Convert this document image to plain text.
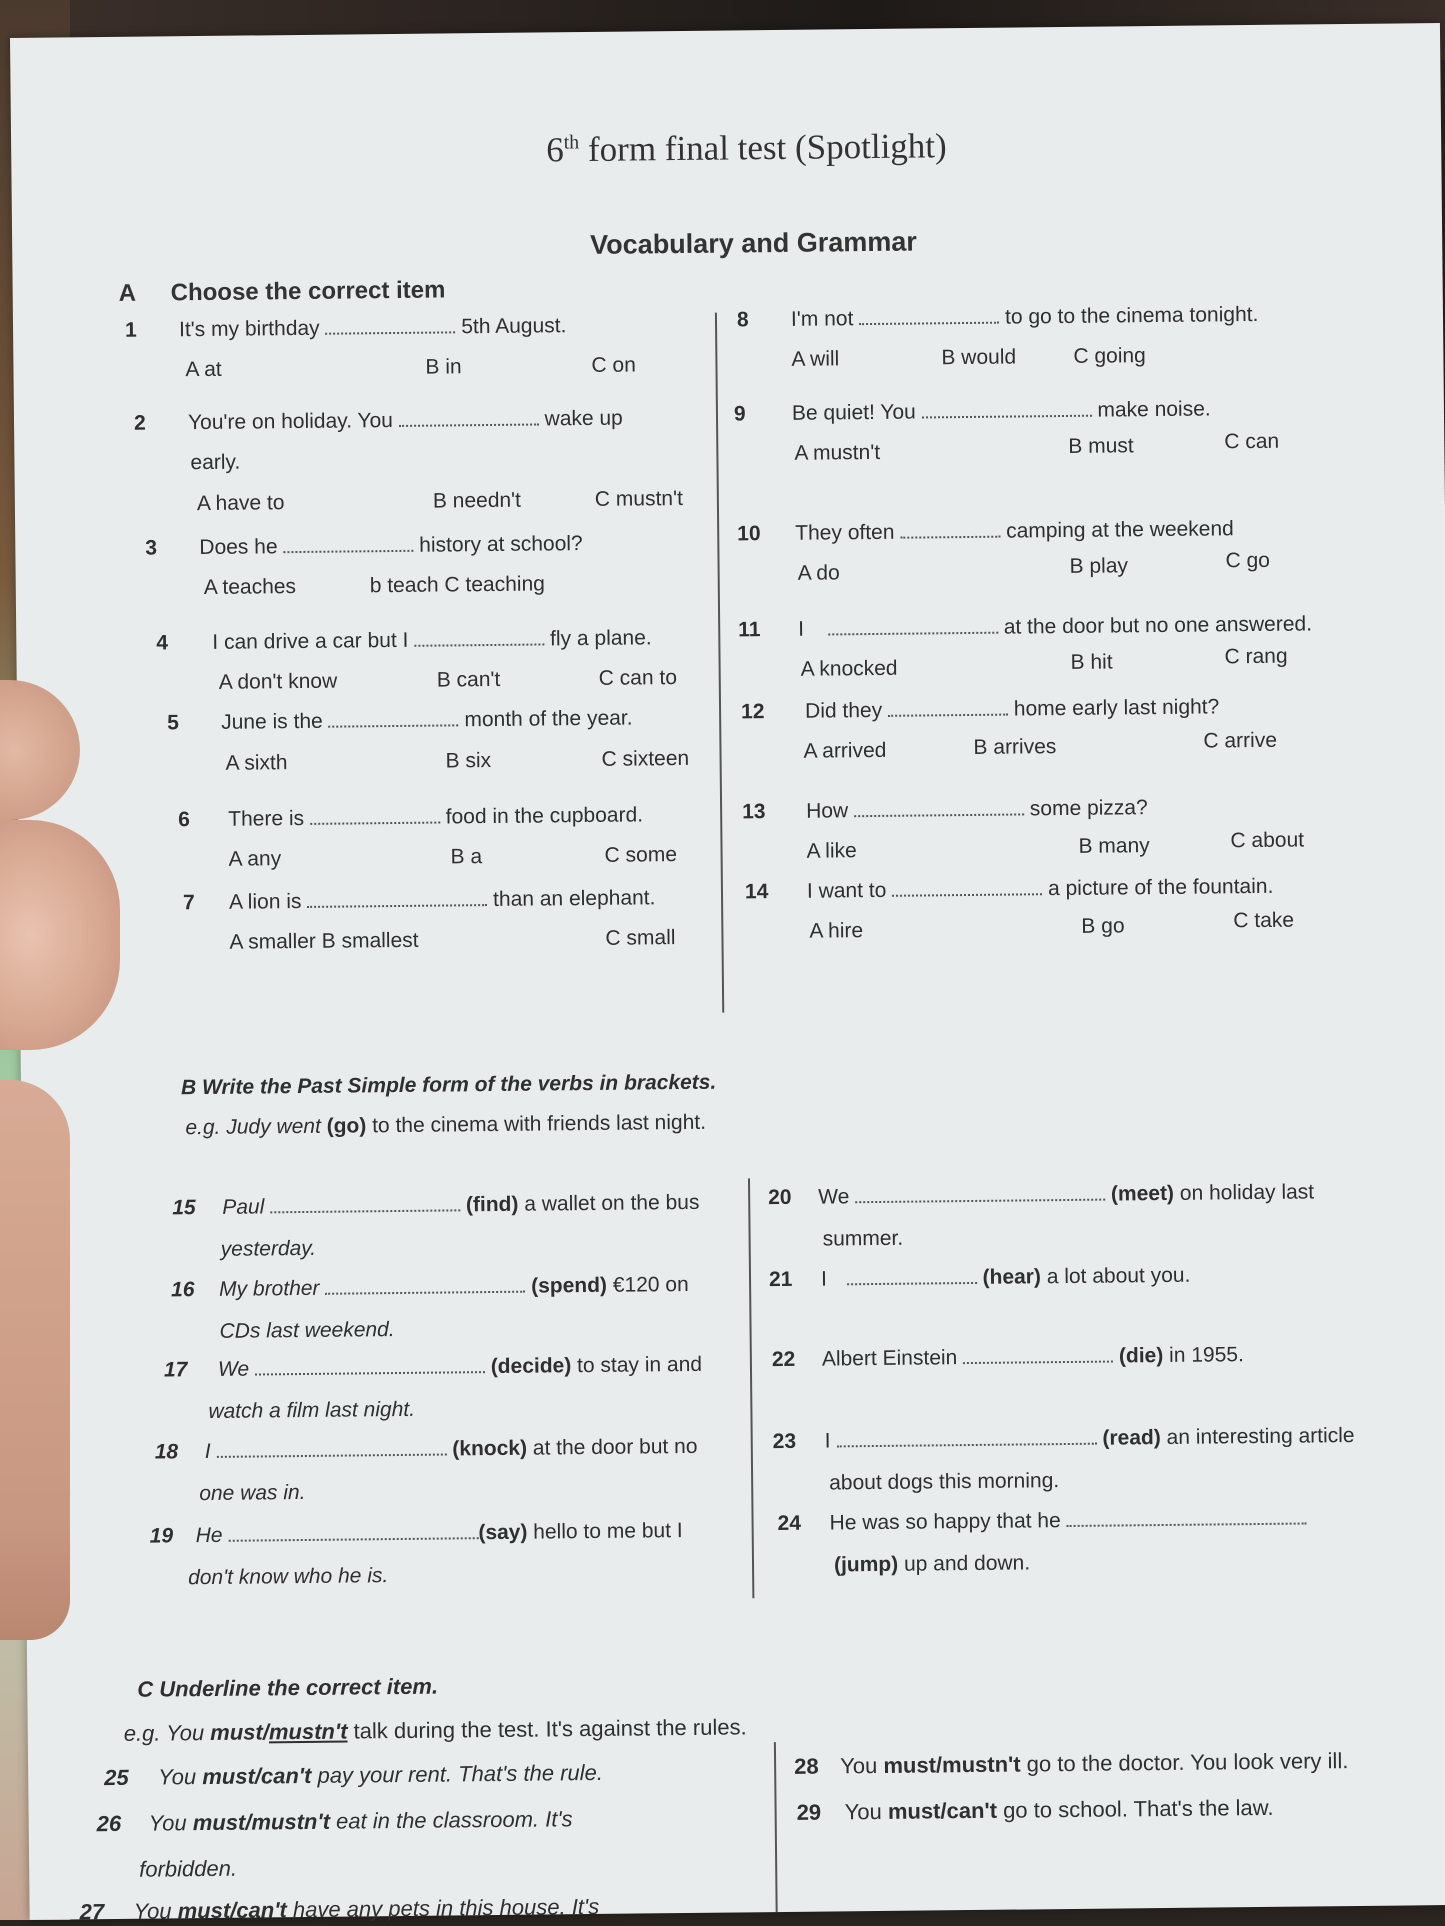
6th form final test (Spotlight)
Vocabulary and Grammar
A Choose the correct item
1 It's my birthday	5th August.
A at	B in	C on
2 You're on holiday. You	wake up
early.
A have to	B needn't	C mustn't
3 Does he	history at school?
A teaches	b teach C teaching
4 I can drive a car but I	fly a plane.
A don't know	B can't	C can to
5 June is the	month of the year.
A sixth	B six	C sixteen
6 There is	food in the cupboard.
A any	B a	C some
7 A lion is	than an elephant.
A smaller B smallest	C small
8 I'm not	to go to the cinema tonight.
A will	B would	C going
9 Be quiet! You	make noise.
A mustn't	B must	C can
10 They often	camping at the weekend
A do	B play	C go
11 I	at the door but no one answered.
A knocked	B hit	C rang
12 Did they	home early last night?
A arrived	B arrives	C arrive
13 How	some pizza?
A like	B many	C about
14 I want to	a picture of the fountain.
A hire	B go	C take
B Write the Past Simple form of the verbs in brackets.
e.g. Judy went (go) to the cinema with friends last night.
15 Paul	(find) a wallet on the bus
yesterday.
16 My brother	(spend) €120 on
CDs last weekend.
17 We	(decide) to stay in and
watch a film last night.
18 I	(knock) at the door but no
one was in.
19 He	(say) hello to me but I
don't know who he is.
20 We	(meet) on holiday last
summer.
21 I	(hear) a lot about you.
22 Albert Einstein	(die) in 1955.
23 I	(read) an interesting article
about dogs this morning.
24 He was so happy that he
(jump) up and down.
C Underline the correct item.
e.g. You must/mustn't talk during the test. It's against the rules.
25 You must/can't pay your rent. That's the rule.
26 You must/mustn't eat in the classroom. It's
forbidden.
27 You must/can't have any pets in this house. It's
28 You must/mustn't go to the doctor. You look very ill.
29 You must/can't go to school. That's the law.
